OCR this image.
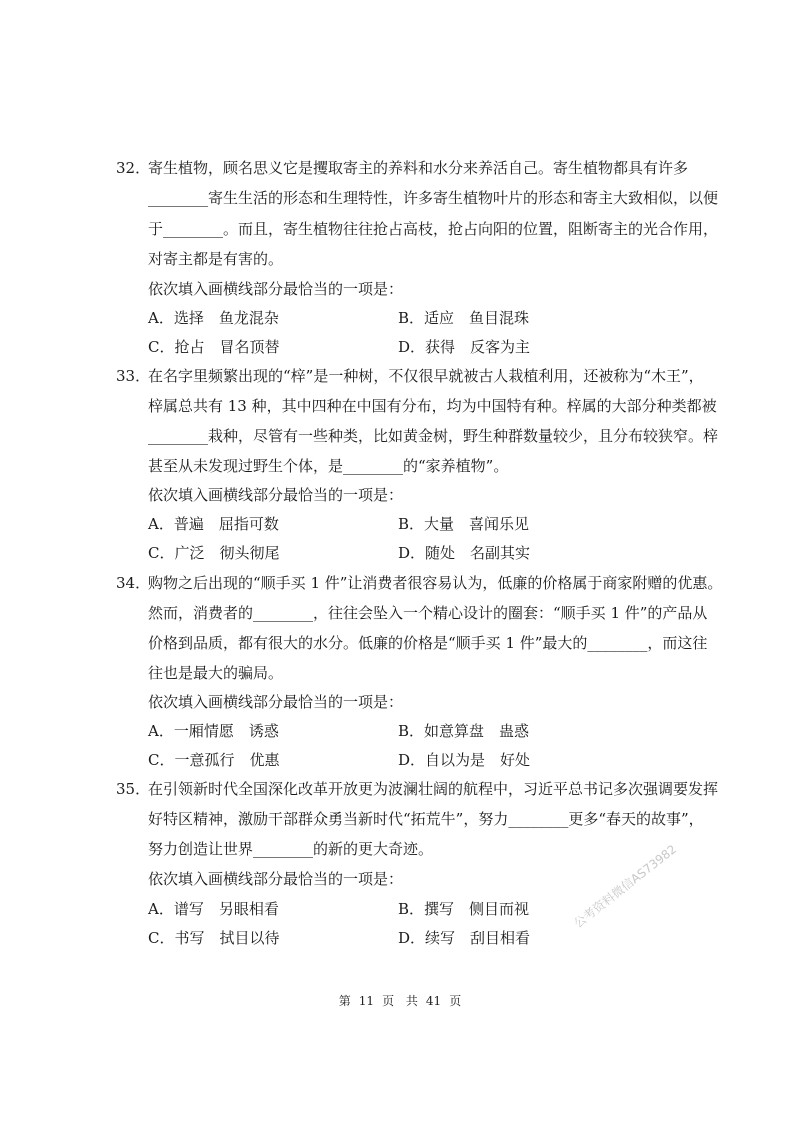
32．
寄生植物，顾名思义它是攫取寄主的养料和水分来养活自己。寄生植物都具有许多
________寄生生活的形态和生理特性，许多寄生植物叶片的形态和寄主大致相似，以便
于________。而且，寄生植物往往抢占高枝，抢占向阳的位置，阻断寄主的光合作用，
对寄主都是有害的。
依次填入画横线部分最恰当的一项是：
A．选择　鱼龙混杂	B．适应　鱼目混珠
C．抢占　冒名顶替	D．获得　反客为主
33．
在名字里频繁出现的“梓”是一种树，不仅很早就被古人栽植利用，还被称为“木王”，
梓属总共有 13 种，其中四种在中国有分布，均为中国特有种。梓属的大部分种类都被
________栽种，尽管有一些种类，比如黄金树，野生种群数量较少，且分布较狭窄。梓
甚至从未发现过野生个体，是________的“家养植物”。
依次填入画横线部分最恰当的一项是：
A．普遍　屈指可数	B．大量　喜闻乐见
C．广泛　彻头彻尾	D．随处　名副其实
34．
购物之后出现的“顺手买 1 件”让消费者很容易认为，低廉的价格属于商家附赠的优惠。
然而，消费者的________，往往会坠入一个精心设计的圈套：“顺手买 1 件”的产品从
价格到品质，都有很大的水分。低廉的价格是“顺手买 1 件”最大的________，而这往
往也是最大的骗局。
依次填入画横线部分最恰当的一项是：
A．一厢情愿　诱惑	B．如意算盘　蛊惑
C．一意孤行　优惠	D．自以为是　好处
35．
在引领新时代全国深化改革开放更为波澜壮阔的航程中，习近平总书记多次强调要发挥
好特区精神，激励干部群众勇当新时代“拓荒牛”，努力________更多“春天的故事”，
努力创造让世界________的新的更大奇迹。
依次填入画横线部分最恰当的一项是：
A．谱写　另眼相看	B．撰写　侧目而视
C．书写　拭目以待	D．续写　刮目相看
公考资料微信AS73982
第 11 页 共 41 页
